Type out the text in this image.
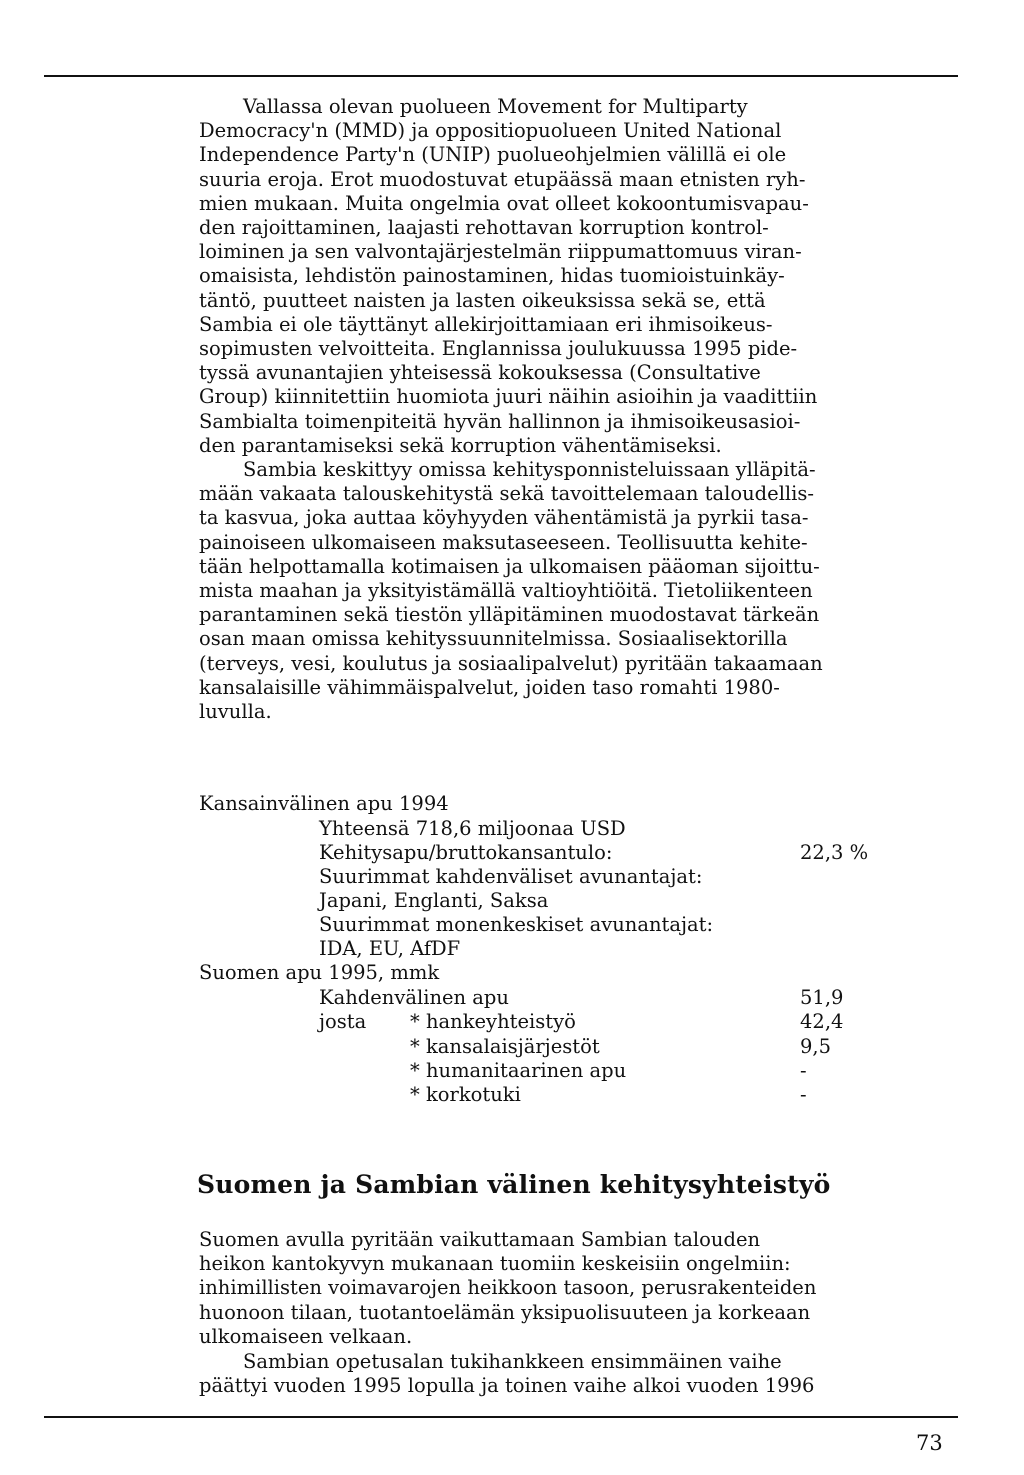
Vallassa olevan puolueen Movement for Multiparty
Democracy'n (MMD) ja oppositiopuolueen United National
Independence Party'n (UNIP) puolueohjelmien välillä ei ole
suuria eroja. Erot muodostuvat etupäässä maan etnisten ryh-
mien mukaan. Muita ongelmia ovat olleet kokoontumisvapau-
den rajoittaminen, laajasti rehottavan korruption kontrol-
loiminen ja sen valvontajärjestelmän riippumattomuus viran-
omaisista, lehdistön painostaminen, hidas tuomioistuinkäy-
täntö, puutteet naisten ja lasten oikeuksissa sekä se, että
Sambia ei ole täyttänyt allekirjoittamiaan eri ihmisoikeus-
sopimusten velvoitteita. Englannissa joulukuussa 1995 pide-
tyssä avunantajien yhteisessä kokouksessa (Consultative
Group) kiinnitettiin huomiota juuri näihin asioihin ja vaadittiin
Sambialta toimenpiteitä hyvän hallinnon ja ihmisoikeusasioi-
den parantamiseksi sekä korruption vähentämiseksi.
Sambia keskittyy omissa kehitysponnisteluissaan ylläpitä-
mään vakaata talouskehitystä sekä tavoittelemaan taloudellis-
ta kasvua, joka auttaa köyhyyden vähentämistä ja pyrkii tasa-
painoiseen ulkomaiseen maksutaseeseen. Teollisuutta kehite-
tään helpottamalla kotimaisen ja ulkomaisen pääoman sijoittu-
mista maahan ja yksityistämällä valtioyhtiöitä. Tietoliikenteen
parantaminen sekä tiestön ylläpitäminen muodostavat tärkeän
osan maan omissa kehityssuunnitelmissa. Sosiaalisektorilla
(terveys, vesi, koulutus ja sosiaalipalvelut) pyritään takaamaan
kansalaisille vähimmäispalvelut, joiden taso romahti 1980-
luvulla.
Kansainvälinen apu 1994
Yhteensä 718,6 miljoonaa USD
Kehitysapu/bruttokansantulo:	22,3 %
Suurimmat kahdenväliset avunantajat:
Japani, Englanti, Saksa
Suurimmat monenkeskiset avunantajat:
IDA, EU, AfDF
Suomen apu 1995, mmk
Kahdenvälinen apu	51,9
josta * hankeyhteistyö	42,4
* kansalaisjärjestöt	9,5
* humanitaarinen apu	-
* korkotuki	-
Suomen ja Sambian välinen kehitysyhteistyö
Suomen avulla pyritään vaikuttamaan Sambian talouden
heikon kantokyvyn mukanaan tuomiin keskeisiin ongelmiin:
inhimillisten voimavarojen heikkoon tasoon, perusrakenteiden
huonoon tilaan, tuotantoelämän yksipuolisuuteen ja korkeaan
ulkomaiseen velkaan.
Sambian opetusalan tukihankkeen ensimmäinen vaihe
päättyi vuoden 1995 lopulla ja toinen vaihe alkoi vuoden 1996
73
